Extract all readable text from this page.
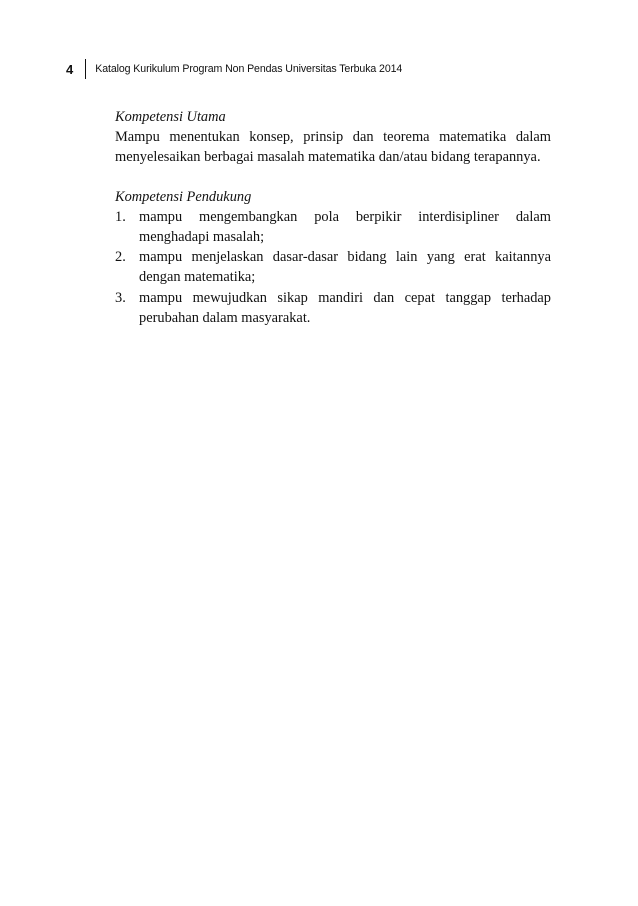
4 Katalog Kurikulum Program Non Pendas Universitas Terbuka 2014

Kompetensi Utama

Mampu menentukan konsep, prinsip dan teorema matematika dalam menyelesaikan berbagai masalah matematika dan/atau bidang terapannya.

Kompetensi Pendukung

1. mampu mengembangkan pola berpikir interdisipliner dalam menghadapi masalah;
2. mampu menjelaskan dasar-dasar bidang lain yang erat kaitannya dengan matematika;
3. mampu mewujudkan sikap mandiri dan cepat tanggap terhadap perubahan dalam masyarakat.
